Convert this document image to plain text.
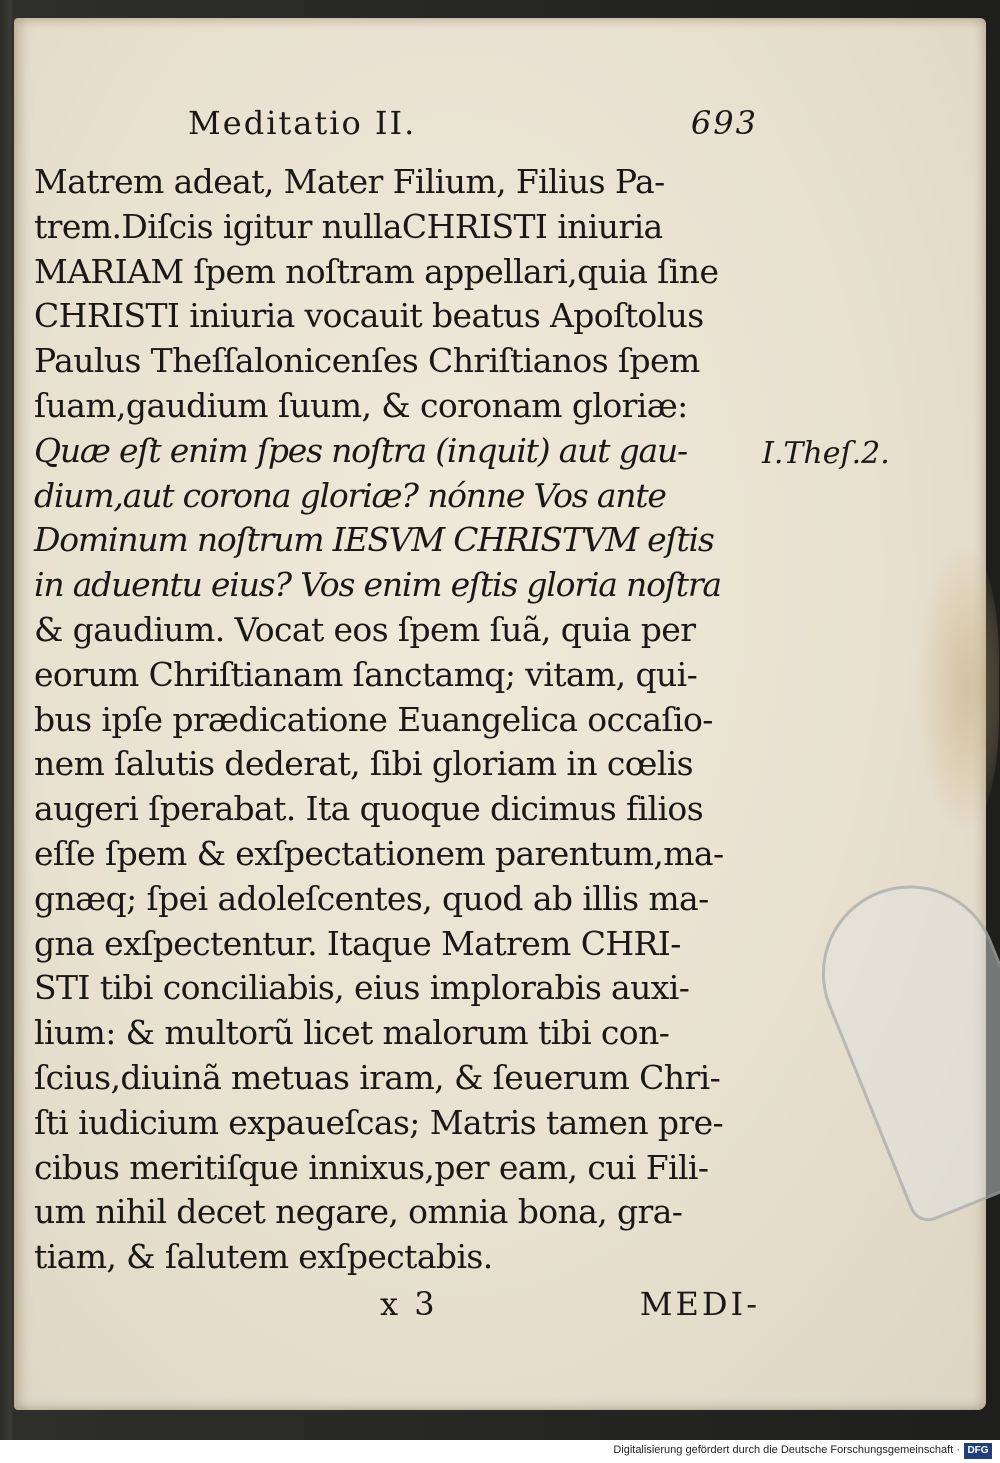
Meditatio II.	693
Matrem adeat, Mater Filium, Filius Pa-
trem.Diſcis igitur nullaCHRISTI iniuria
MARIAM ſpem noſtram appellari,quia ſine
CHRISTI iniuria vocauit beatus Apoſtolus
Paulus Theſſalonicenſes Chriſtianos ſpem
ſuam,gaudium ſuum, & coronam gloriæ:
Quæ eſt enim ſpes noſtra (inquit) aut gau-
dium,aut corona gloriæ? nónne Vos ante
Dominum noſtrum IESVM CHRISTVM eſtis
in aduentu eius? Vos enim eſtis gloria noſtra
& gaudium. Vocat eos ſpem ſuã, quia per
eorum Chriſtianam ſanctamq; vitam, qui-
bus ipſe prædicatione Euangelica occaſio-
nem ſalutis dederat, ſibi gloriam in cœlis
augeri ſperabat. Ita quoque dicimus filios
eſſe ſpem & exſpectationem parentum,ma-
gnæq; ſpei adoleſcentes, quod ab illis ma-
gna exſpectentur. Itaque Matrem CHRI-
STI tibi conciliabis, eius implorabis auxi-
lium: & multorũ licet malorum tibi con-
ſcius,diuinã metuas iram, & ſeuerum Chri-
ſti iudicium expaueſcas; Matris tamen pre-
cibus meritiſque innixus,per eam, cui Fili-
um nihil decet negare, omnia bona, gra-
tiam, & ſalutem exſpectabis.
I.Theſ.2.
x 3	MEDI-
Digitalisierung gefördert durch die Deutsche Forschungsgemeinschaft · DFG
